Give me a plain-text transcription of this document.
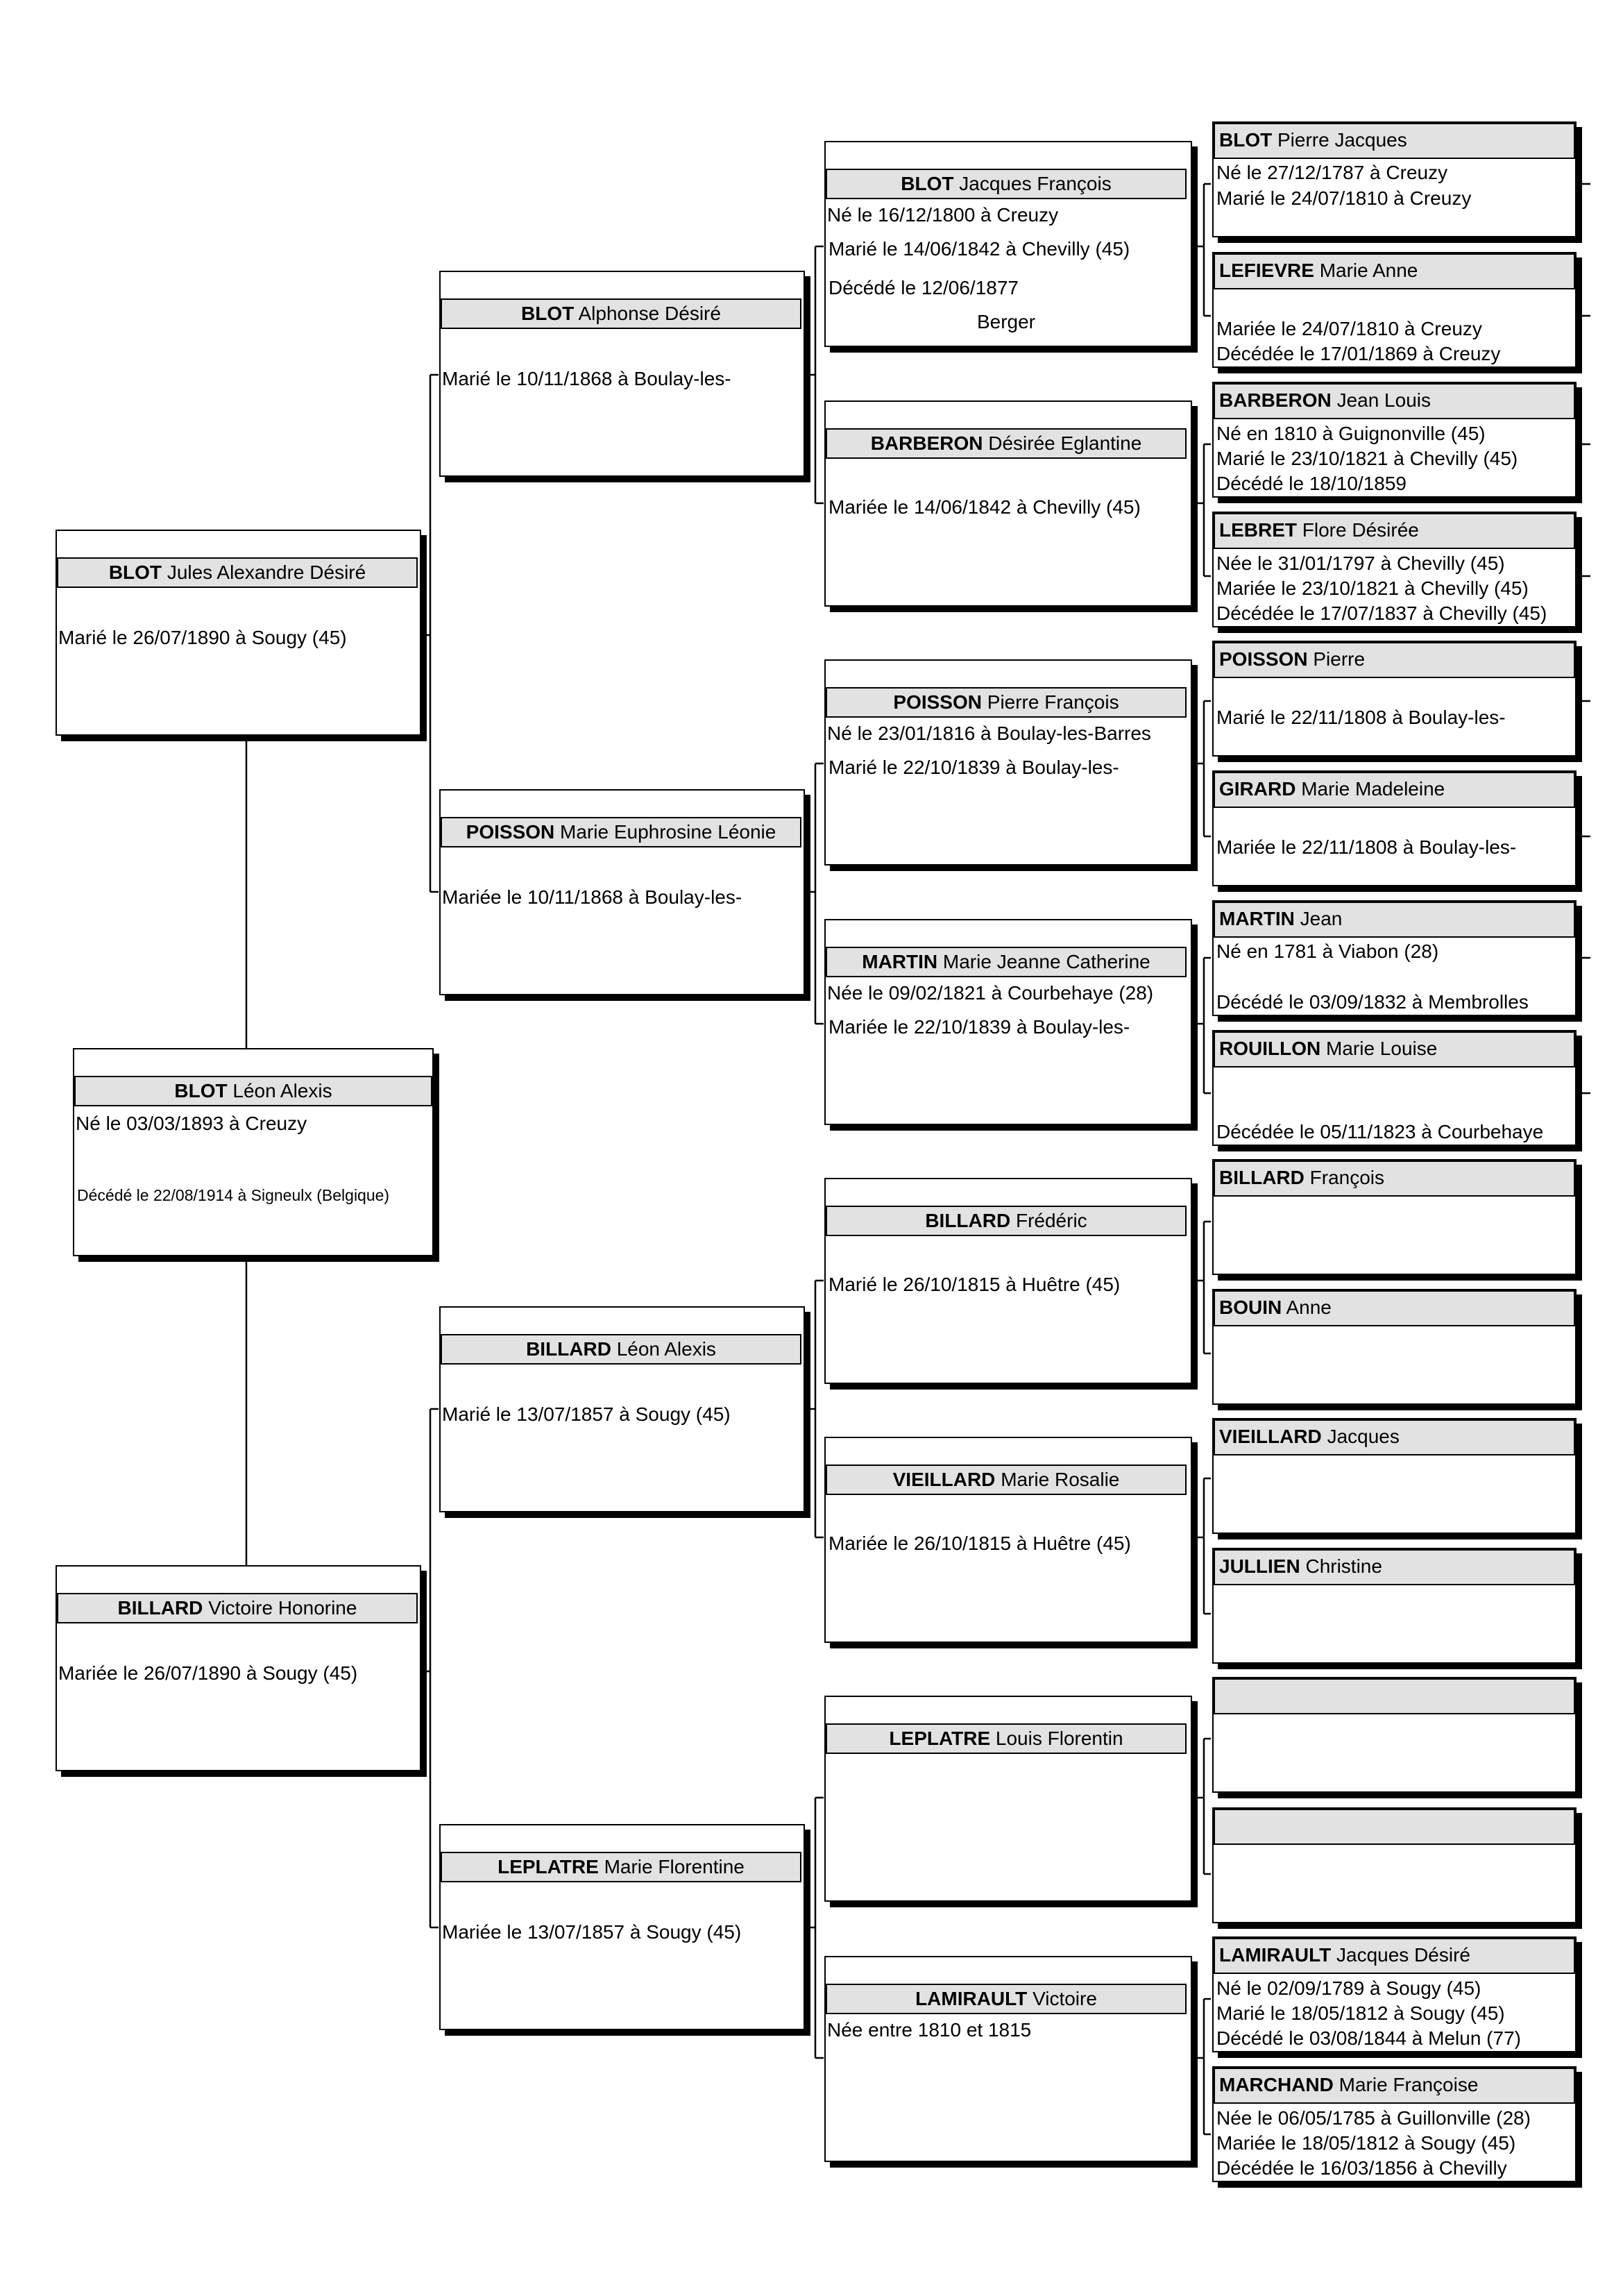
BLOT Léon Alexis
Né le 03/03/1893 à Creuzy
Décédé le 22/08/1914 à Signeulx (Belgique)
BLOT Jules Alexandre Désiré
Marié le 26/07/1890 à Sougy (45)
BILLARD Victoire Honorine
Mariée le 26/07/1890 à Sougy (45)
BLOT Alphonse Désiré
Marié le 10/11/1868 à Boulay-les-
POISSON Marie Euphrosine Léonie
Mariée le 10/11/1868 à Boulay-les-
BILLARD Léon Alexis
Marié le 13/07/1857 à Sougy (45)
LEPLATRE Marie Florentine
Mariée le 13/07/1857 à Sougy (45)
BLOT Jacques François
Né le 16/12/1800 à Creuzy
Marié le 14/06/1842 à Chevilly (45)
Décédé le 12/06/1877
Berger
BARBERON Désirée Eglantine
Mariée le 14/06/1842 à Chevilly (45)
POISSON Pierre François
Né le 23/01/1816 à Boulay-les-Barres
Marié le 22/10/1839 à Boulay-les-
MARTIN Marie Jeanne Catherine
Née le 09/02/1821 à Courbehaye (28)
Mariée le 22/10/1839 à Boulay-les-
BILLARD Frédéric
Marié le 26/10/1815 à Huêtre (45)
VIEILLARD Marie Rosalie
Mariée le 26/10/1815 à Huêtre (45)
LEPLATRE Louis Florentin
LAMIRAULT Victoire
Née entre 1810 et 1815
BLOT Pierre Jacques
Né le 27/12/1787 à Creuzy
Marié le 24/07/1810 à Creuzy
LEFIEVRE Marie Anne
Mariée le 24/07/1810 à Creuzy
Décédée le 17/01/1869 à Creuzy
BARBERON Jean Louis
Né en 1810 à Guignonville (45)
Marié le 23/10/1821 à Chevilly (45)
Décédé le 18/10/1859
LEBRET Flore Désirée
Née le 31/01/1797 à Chevilly (45)
Mariée le 23/10/1821 à Chevilly (45)
Décédée le 17/07/1837 à Chevilly (45)
POISSON Pierre
Marié le 22/11/1808 à Boulay-les-
GIRARD Marie Madeleine
Mariée le 22/11/1808 à Boulay-les-
MARTIN Jean
Né en 1781 à Viabon (28)
Décédé le 03/09/1832 à Membrolles
ROUILLON Marie Louise
Décédée le 05/11/1823 à Courbehaye
BILLARD François
BOUIN Anne
VIEILLARD Jacques
JULLIEN Christine
LAMIRAULT Jacques Désiré
Né le 02/09/1789 à Sougy (45)
Marié le 18/05/1812 à Sougy (45)
Décédé le 03/08/1844 à Melun (77)
MARCHAND Marie Françoise
Née le 06/05/1785 à Guillonville (28)
Mariée le 18/05/1812 à Sougy (45)
Décédée le 16/03/1856 à Chevilly
